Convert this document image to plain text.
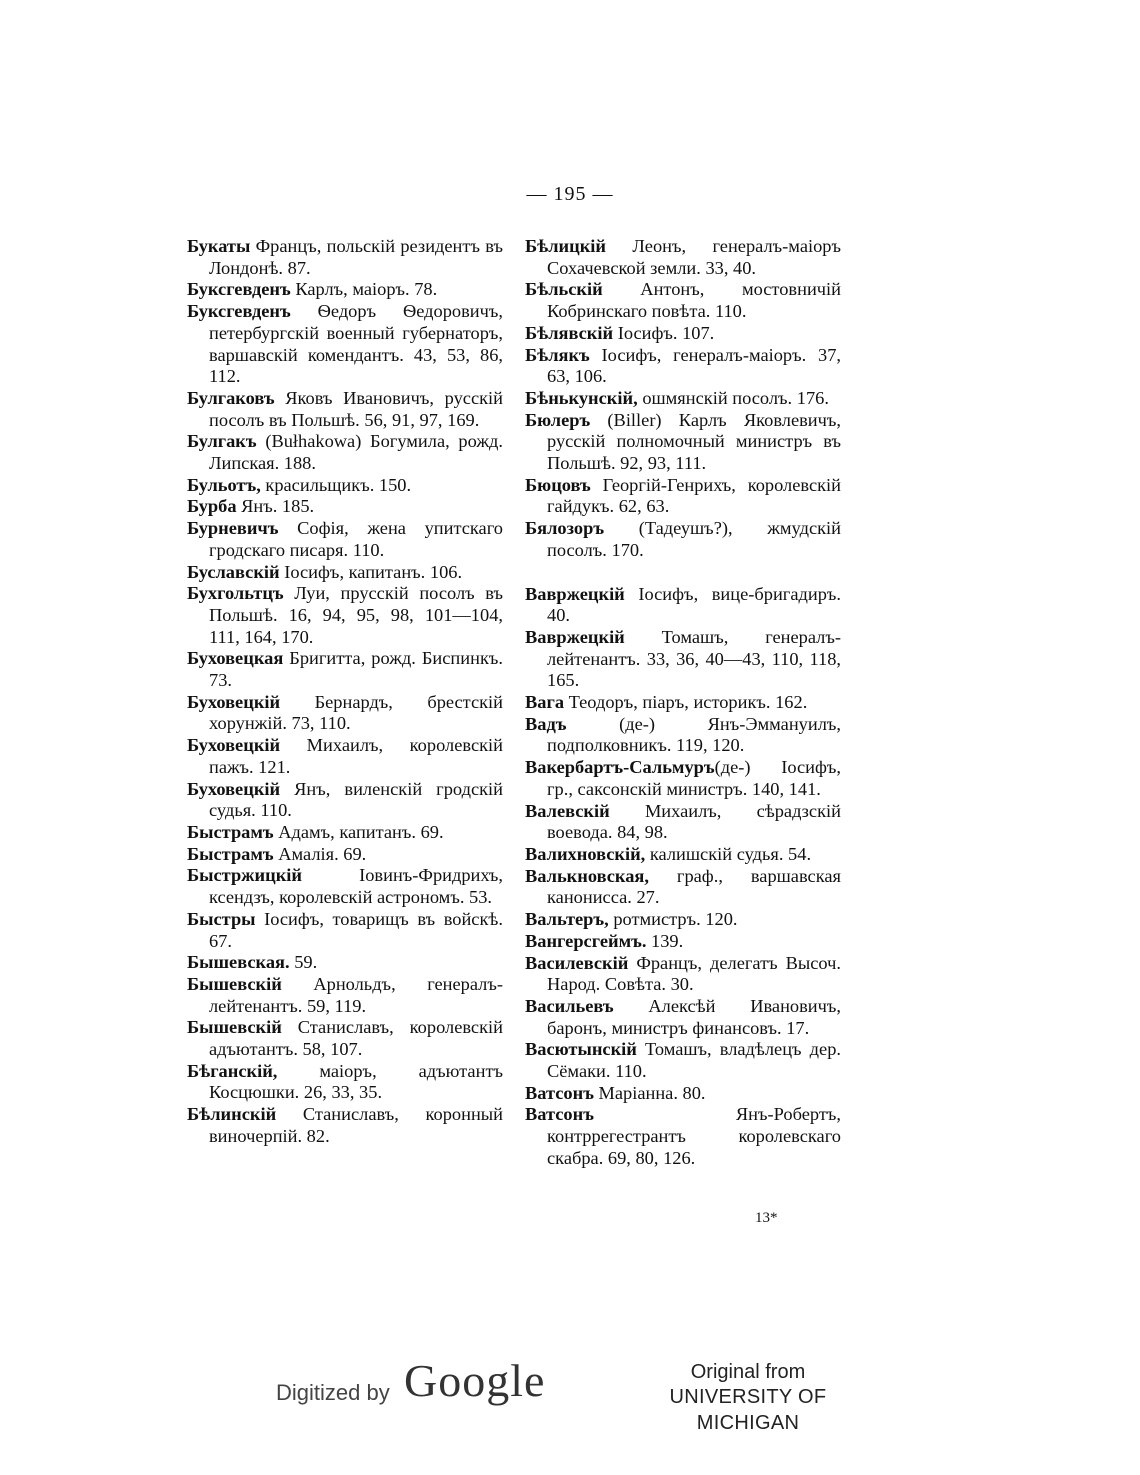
— 195 —

Букаты Францъ, польскій резидентъ въ Лондонѣ. 87.

Буксгевденъ Карлъ, маіоръ. 78.

Буксгевденъ Ѳедоръ Ѳедоровичъ, петербургскій военный губернаторъ, варшавскій комендантъ. 43, 53, 86, 112.

Булгаковъ Яковъ Ивановичъ, русскій посолъ въ Польшѣ. 56, 91, 97, 169.

Булгакъ (Bułhakowa) Богумила, рожд. Липская. 188.

Бульотъ, красильщикъ. 150.

Бурба Янъ. 185.

Бурневичъ Софія, жена упитскаго гродскаго писаря. 110.

Буславскій Іосифъ, капитанъ. 106.

Бухгольтцъ Луи, прусскій посолъ въ Польшѣ. 16, 94, 95, 98, 101—104, 111, 164, 170.

Буховецкая Бригитта, рожд. Биспинкъ. 73.

Буховецкій Бернардъ, брестскій хорунжій. 73, 110.

Буховецкій Михаилъ, королевскій пажъ. 121.

Буховецкій Янъ, виленскій гродскій судья. 110.

Быстрамъ Адамъ, капитанъ. 69.

Быстрамъ Амалія. 69.

Быстржицкій Іовинъ-Фридрихъ, ксендзъ, королевскій астрономъ. 53.

Быстры Іосифъ, товарищъ въ войскѣ. 67.

Бышевская. 59.

Бышевскій Арнольдъ, генералъ-лейтенантъ. 59, 119.

Бышевскій Станиславъ, королевскій адъютантъ. 58, 107.

Бѣганскій, маіоръ, адъютантъ Косцюшки. 26, 33, 35.

Бѣлинскій Станиславъ, коронный виночерпій. 82.

Бѣлицкій Леонъ, генералъ-маіоръ Сохачевской земли. 33, 40.

Бѣльскій Антонъ, мостовничій Кобринскаго повѣта. 110.

Бѣлявскій Іосифъ. 107.

Бѣлякъ Іосифъ, генералъ-маіоръ. 37, 63, 106.

Бѣнькунскій, ошмянскій посолъ. 176.

Бюлеръ (Biller) Карлъ Яковлевичъ, русскій полномочный министръ въ Польшѣ. 92, 93, 111.

Бюцовъ Георгій-Генрихъ, королевскій гайдукъ. 62, 63.

Бялозоръ (Тадеушъ?), жмудскій посолъ. 170.

Вавржецкій Іосифъ, вице-бригадиръ. 40.

Вавржецкій Томашъ, генералъ-лейтенантъ. 33, 36, 40—43, 110, 118, 165.

Вага Теодоръ, піаръ, историкъ. 162.

Вадъ (де-) Янъ-Эммануилъ, подполковникъ. 119, 120.

Вакербартъ-Сальмуръ(де-) Іосифъ, гр., саксонскій министръ. 140, 141.

Валевскій Михаилъ, сѣрадзскій воевода. 84, 98.

Валихновскій, калишскій судья. 54.

Валькновская, граф., варшавская канонисса. 27.

Вальтеръ, ротмистръ. 120.

Вангерсгеймъ. 139.

Василевскій Францъ, делегатъ Высоч. Народ. Совѣта. 30.

Васильевъ Алексѣй Ивановичъ, баронъ, министръ финансовъ. 17.

Васютынскій Томашъ, владѣлецъ дер. Сёмаки. 110.

Ватсонъ Маріанна. 80.

Ватсонъ Янъ-Робертъ, контррегестрантъ королевскаго скабра. 69, 80, 126.

13*
Digitized by Google	Original from
UNIVERSITY OF MICHIGAN
